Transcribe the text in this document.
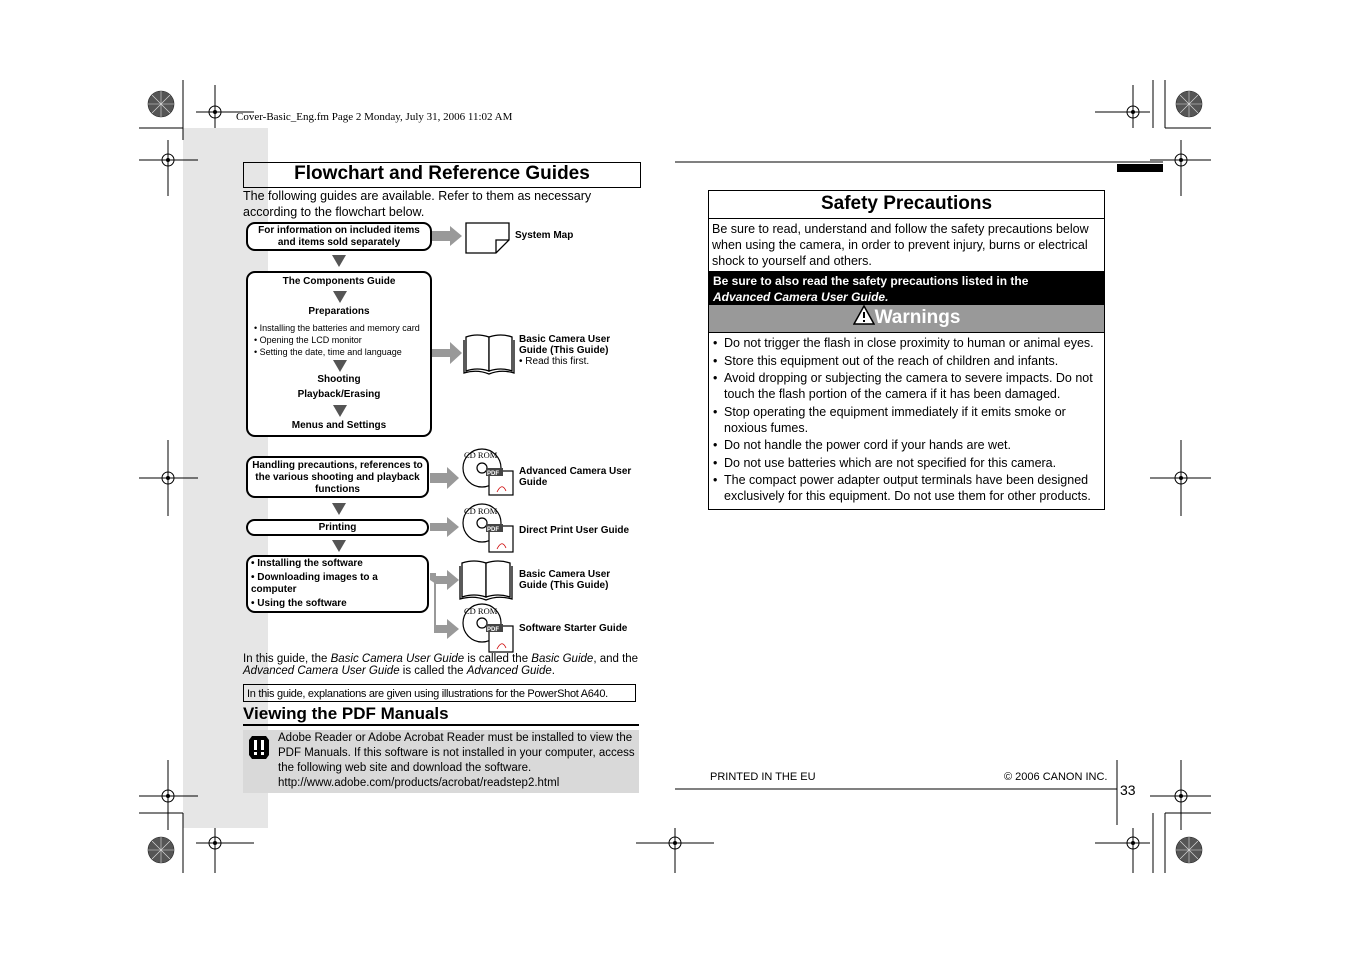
Cover-Basic_Eng.fm Page 2 Monday, July 31, 2006 11:02 AM
Flowchart and Reference Guides
The following guides are available. Refer to them as necessary according to the flowchart below.
PDF
PDF
PDF
CD ROM
CD ROM
CD ROM
For information on included items and items sold separately
The Components Guide
Preparations
• Installing the batteries and memory card
• Opening the LCD monitor
• Setting the date, time and language
Shooting
Playback/Erasing
Menus and Settings
Handling precautions, references to the various shooting and playback functions
Printing
• Installing the software
• Downloading images to a computer
• Using the software
System Map
Basic Camera User Guide (This Guide)
• Read this first.
Advanced Camera User Guide
Direct Print User Guide
Basic Camera User Guide (This Guide)
Software Starter Guide
In this guide, the Basic Camera User Guide is called the Basic Guide, and the Advanced Camera User Guide is called the Advanced Guide.
In this guide, explanations are given using illustrations for the PowerShot A640.
Viewing the PDF Manuals
Adobe Reader or Adobe Acrobat Reader must be installed to view the PDF Manuals. If this software is not installed in your computer, access the following web site and download the software.
http://www.adobe.com/products/acrobat/readstep2.html
Safety Precautions
Be sure to read, understand and follow the safety precautions below when using the camera, in order to prevent injury, burns or electrical shock to yourself and others.
Be sure to also read the safety precautions listed in the
Advanced Camera User Guide.
Warnings
• Do not trigger the flash in close proximity to human or animal eyes.
• Store this equipment out of the reach of children and infants.
• Avoid dropping or subjecting the camera to severe impacts. Do not touch the flash portion of the camera if it has been damaged.
• Stop operating the equipment immediately if it emits smoke or noxious fumes.
• Do not handle the power cord if your hands are wet.
• Do not use batteries which are not specified for this camera.
• The compact power adapter output terminals have been designed exclusively for this equipment. Do not use them for other products.
PRINTED IN THE EU	© 2006 CANON INC.
33
